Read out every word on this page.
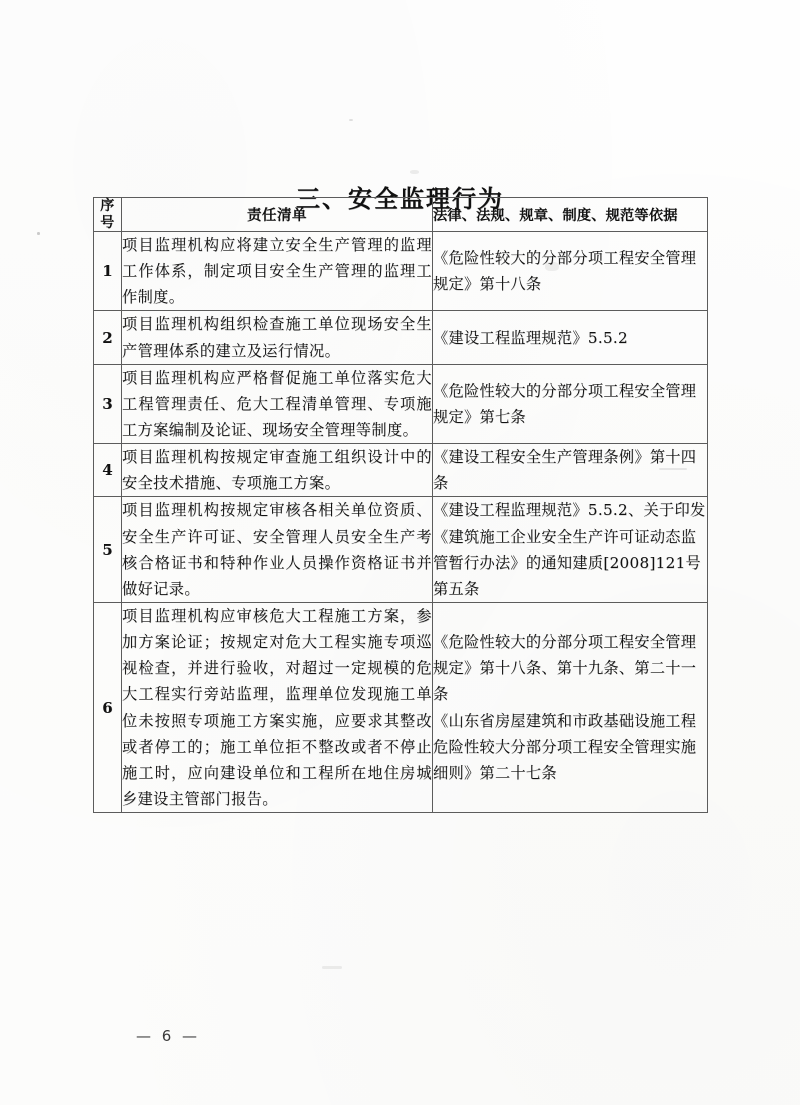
三、安全监理行为
序
号	责任清单	法律、法规、规章、制度、规范等依据
1	项目监理机构应将建立安全生产管理的监理工作体系，制定项目安全生产管理的监理工作制度。	《危险性较大的分部分项工程安全管理规定》第十八条

2	项目监理机构组织检查施工单位现场安全生产管理体系的建立及运行情况。	《建设工程监理规范》5.5.2

3	项目监理机构应严格督促施工单位落实危大工程管理责任、危大工程清单管理、专项施工方案编制及论证、现场安全管理等制度。	《危险性较大的分部分项工程安全管理规定》第七条

4	项目监理机构按规定审查施工组织设计中的安全技术措施、专项施工方案。	《建设工程安全生产管理条例》第十四条

5	项目监理机构按规定审核各相关单位资质、安全生产许可证、安全管理人员安全生产考核合格证书和特种作业人员操作资格证书并做好记录。	《建设工程监理规范》5.5.2、关于印发《建筑施工企业安全生产许可证动态监管暂行办法》的通知建质[2008]121号第五条

6	项目监理机构应审核危大工程施工方案，参加方案论证；按规定对危大工程实施专项巡视检查，并进行验收，对超过一定规模的危大工程实行旁站监理，监理单位发现施工单位未按照专项施工方案实施，应要求其整改或者停工的；施工单位拒不整改或者不停止施工时，应向建设单位和工程所在地住房城乡建设主管部门报告。	《危险性较大的分部分项工程安全管理规定》第十八条、第十九条、第二十一条

《山东省房屋建筑和市政基础设施工程危险性较大分部分项工程安全管理实施细则》第二十七条

— 6 —
